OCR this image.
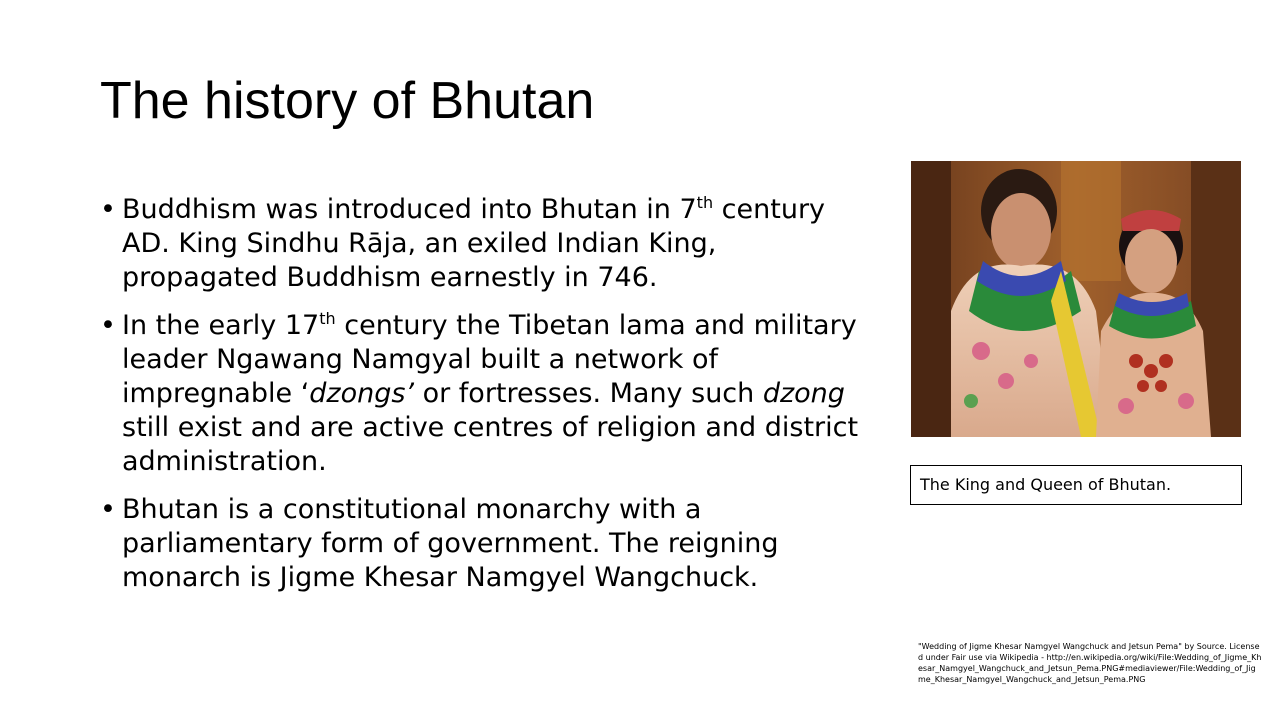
The history of Bhutan
• Buddhism was introduced into Bhutan in 7th century AD. King Sindhu Rāja, an exiled Indian King, propagated Buddhism earnestly in 746.
• In the early 17th century the Tibetan lama and military leader Ngawang Namgyal built a network of impregnable ‘dzongs’ or fortresses. Many such dzong still exist and are active centres of religion and district administration.
• Bhutan is a constitutional monarchy with a parliamentary form of government. The reigning monarch is Jigme Khesar Namgyel Wangchuck.
The King and Queen of Bhutan.
"Wedding of Jigme Khesar Namgyel Wangchuck and Jetsun Pema" by Source. Licensed under Fair use via Wikipedia - http://en.wikipedia.org/wiki/File:Wedding_of_Jigme_Khesar_Namgyel_Wangchuck_and_Jetsun_Pema.PNG#mediaviewer/File:Wedding_of_Jigme_Khesar_Namgyel_Wangchuck_and_Jetsun_Pema.PNG
